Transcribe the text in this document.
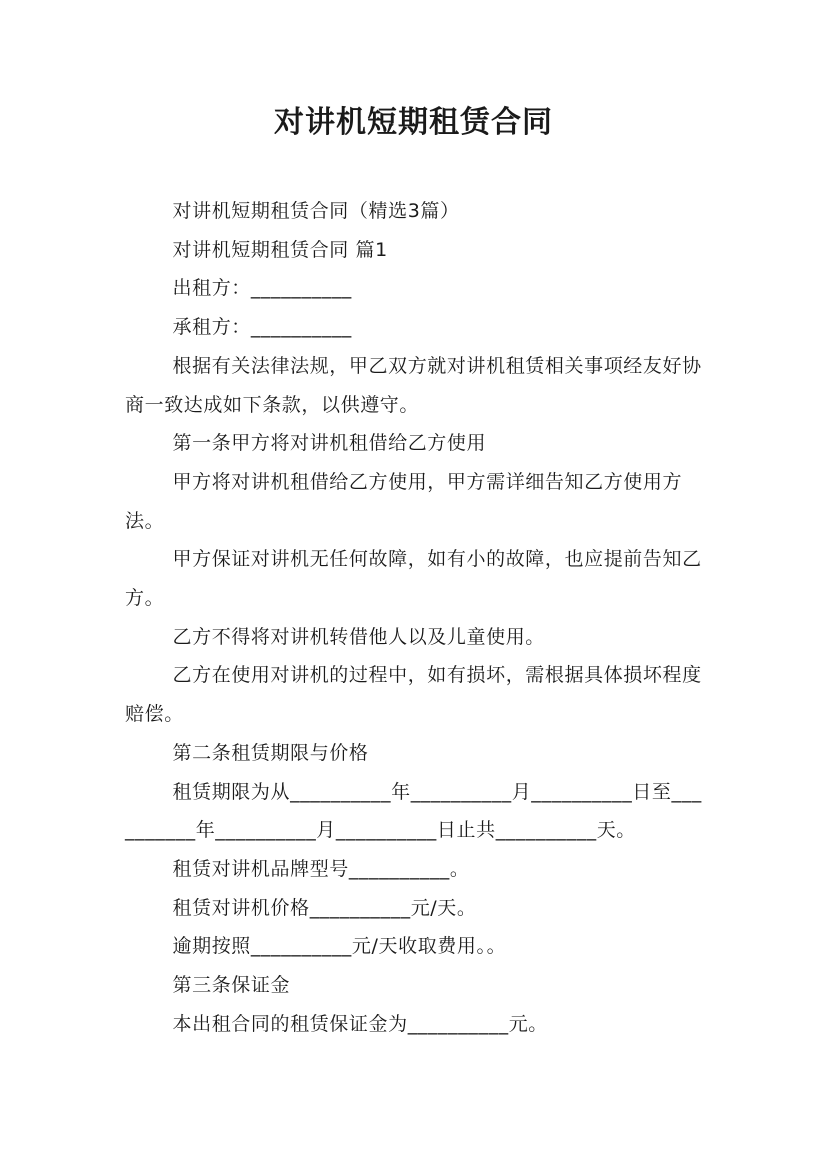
对讲机短期租赁合同

对讲机短期租赁合同（精选3篇）

对讲机短期租赁合同 篇1

出租方：__________

承租方：__________

根据有关法律法规，甲乙双方就对讲机租赁相关事项经友好协商一致达成如下条款，以供遵守。

第一条甲方将对讲机租借给乙方使用

甲方将对讲机租借给乙方使用，甲方需详细告知乙方使用方法。

甲方保证对讲机无任何故障，如有小的故障，也应提前告知乙方。

乙方不得将对讲机转借他人以及儿童使用。

乙方在使用对讲机的过程中，如有损坏，需根据具体损坏程度赔偿。

第二条租赁期限与价格

租赁期限为从__________年__________月__________日至__________年__________月__________日止共__________天。

租赁对讲机品牌型号__________。

租赁对讲机价格__________元/天。

逾期按照__________元/天收取费用。。

第三条保证金

本出租合同的租赁保证金为__________元。
